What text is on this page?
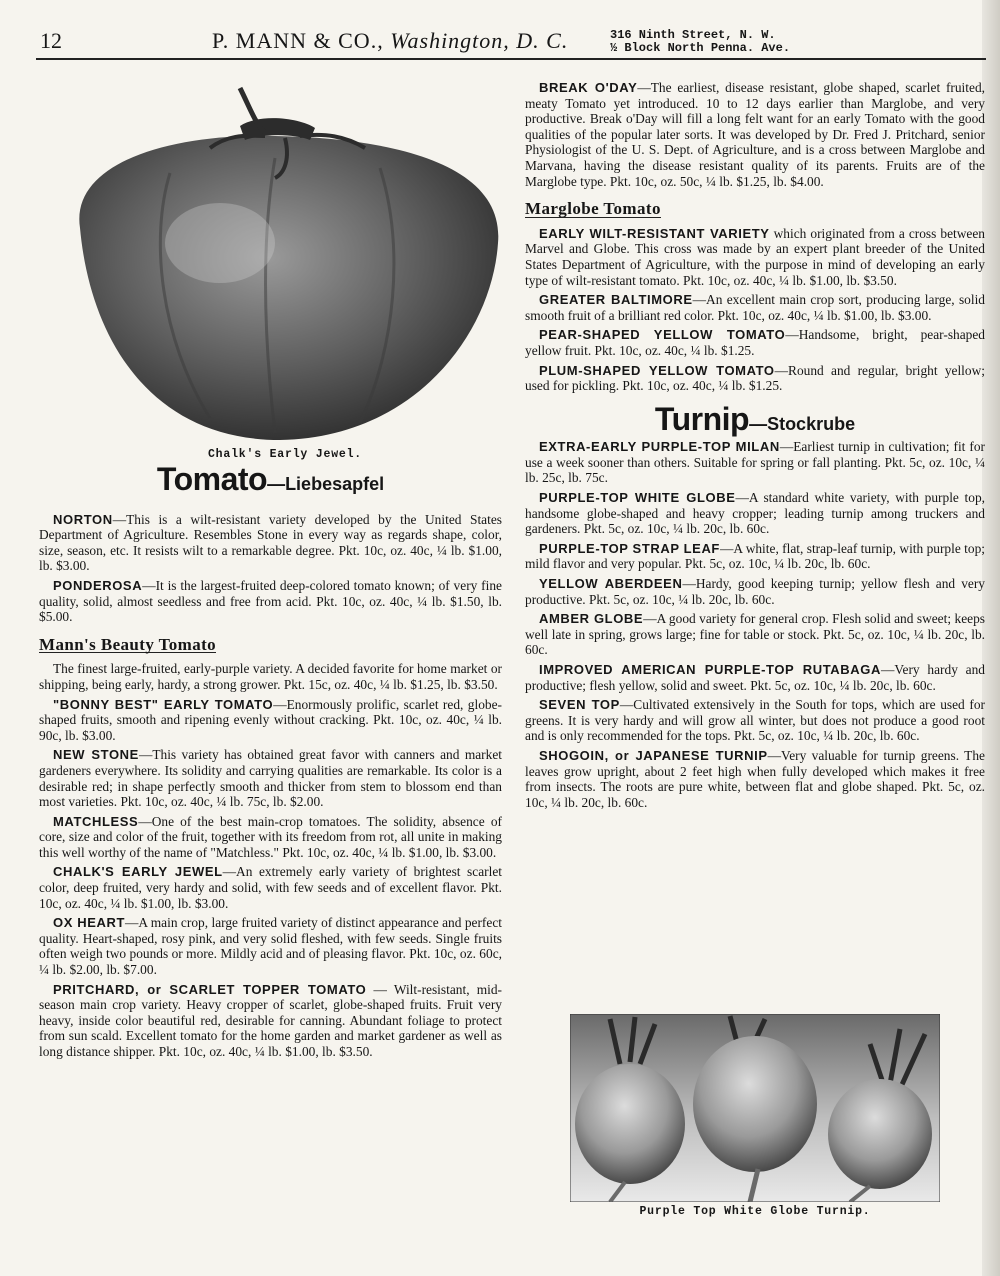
12	P. MANN & CO., Washington, D. C.	316 Ninth Street, N. W.
½ Block North Penna. Ave.
Chalk's Early Jewel.

Tomato—Liebesapfel

NORTON—This is a wilt-resistant variety developed by the United States Department of Agriculture. Resembles Stone in every way as regards shape, color, size, season, etc. It resists wilt to a remarkable degree. Pkt. 10c, oz. 40c, ¼ lb. $1.00, lb. $3.00.

PONDEROSA—It is the largest-fruited deep-colored tomato known; of very fine quality, solid, almost seedless and free from acid. Pkt. 10c, oz. 40c, ¼ lb. $1.50, lb. $5.00.

Mann's Beauty Tomato

The finest large-fruited, early-purple variety. A decided favorite for home market or shipping, being early, hardy, a strong grower. Pkt. 15c, oz. 40c, ¼ lb. $1.25, lb. $3.50.

"BONNY BEST" EARLY TOMATO—Enormously prolific, scarlet red, globe-shaped fruits, smooth and ripening evenly without cracking. Pkt. 10c, oz. 40c, ¼ lb. 90c, lb. $3.00.

NEW STONE—This variety has obtained great favor with canners and market gardeners everywhere. Its solidity and carrying qualities are remarkable. Its color is a desirable red; in shape perfectly smooth and thicker from stem to blossom end than most varieties. Pkt. 10c, oz. 40c, ¼ lb. 75c, lb. $2.00.

MATCHLESS—One of the best main-crop tomatoes. The solidity, absence of core, size and color of the fruit, together with its freedom from rot, all unite in making this well worthy of the name of "Matchless." Pkt. 10c, oz. 40c, ¼ lb. $1.00, lb. $3.00.

CHALK'S EARLY JEWEL—An extremely early variety of brightest scarlet color, deep fruited, very hardy and solid, with few seeds and of excellent flavor. Pkt. 10c, oz. 40c, ¼ lb. $1.00, lb. $3.00.

OX HEART—A main crop, large fruited variety of distinct appearance and perfect quality. Heart-shaped, rosy pink, and very solid fleshed, with few seeds. Single fruits often weigh two pounds or more. Mildly acid and of pleasing flavor. Pkt. 10c, oz. 60c, ¼ lb. $2.00, lb. $7.00.

PRITCHARD, or SCARLET TOPPER TOMATO — Wilt-resistant, mid-season main crop variety. Heavy cropper of scarlet, globe-shaped fruits. Fruit very heavy, inside color beautiful red, desirable for canning. Abundant foliage to protect from sun scald. Excellent tomato for the home garden and market gardener as well as long distance shipper. Pkt. 10c, oz. 40c, ¼ lb. $1.00, lb. $3.50.

BREAK O'DAY—The earliest, disease resistant, globe shaped, scarlet fruited, meaty Tomato yet introduced. 10 to 12 days earlier than Marglobe, and very productive. Break o'Day will fill a long felt want for an early Tomato with the good qualities of the popular later sorts. It was developed by Dr. Fred J. Pritchard, senior Physiologist of the U. S. Dept. of Agriculture, and is a cross between Marglobe and Marvana, having the disease resistant quality of its parents. Fruits are of the Marglobe type. Pkt. 10c, oz. 50c, ¼ lb. $1.25, lb. $4.00.

Marglobe Tomato

EARLY WILT-RESISTANT VARIETY which originated from a cross between Marvel and Globe. This cross was made by an expert plant breeder of the United States Department of Agriculture, with the purpose in mind of developing an early type of wilt-resistant tomato. Pkt. 10c, oz. 40c, ¼ lb. $1.00, lb. $3.50.

GREATER BALTIMORE—An excellent main crop sort, producing large, solid smooth fruit of a brilliant red color. Pkt. 10c, oz. 40c, ¼ lb. $1.00, lb. $3.00.

PEAR-SHAPED YELLOW TOMATO—Handsome, bright, pear-shaped yellow fruit. Pkt. 10c, oz. 40c, ¼ lb. $1.25.

PLUM-SHAPED YELLOW TOMATO—Round and regular, bright yellow; used for pickling. Pkt. 10c, oz. 40c, ¼ lb. $1.25.

Turnip—Stockrube

EXTRA-EARLY PURPLE-TOP MILAN—Earliest turnip in cultivation; fit for use a week sooner than others. Suitable for spring or fall planting. Pkt. 5c, oz. 10c, ¼ lb. 25c, lb. 75c.

PURPLE-TOP WHITE GLOBE—A standard white variety, with purple top, handsome globe-shaped and heavy cropper; leading turnip among truckers and gardeners. Pkt. 5c, oz. 10c, ¼ lb. 20c, lb. 60c.

PURPLE-TOP STRAP LEAF—A white, flat, strap-leaf turnip, with purple top; mild flavor and very popular. Pkt. 5c, oz. 10c, ¼ lb. 20c, lb. 60c.

YELLOW ABERDEEN—Hardy, good keeping turnip; yellow flesh and very productive. Pkt. 5c, oz. 10c, ¼ lb. 20c, lb. 60c.

AMBER GLOBE—A good variety for general crop. Flesh solid and sweet; keeps well late in spring, grows large; fine for table or stock. Pkt. 5c, oz. 10c, ¼ lb. 20c, lb. 60c.

IMPROVED AMERICAN PURPLE-TOP RUTABAGA—Very hardy and productive; flesh yellow, solid and sweet. Pkt. 5c, oz. 10c, ¼ lb. 20c, lb. 60c.

SEVEN TOP—Cultivated extensively in the South for tops, which are used for greens. It is very hardy and will grow all winter, but does not produce a good root and is only recommended for the tops. Pkt. 5c, oz. 10c, ¼ lb. 20c, lb. 60c.

SHOGOIN, or JAPANESE TURNIP—Very valuable for turnip greens. The leaves grow upright, about 2 feet high when fully developed which makes it free from insects. The roots are pure white, between flat and globe shaped. Pkt. 5c, oz. 10c, ¼ lb. 20c, lb. 60c.

Purple Top White Globe Turnip.
